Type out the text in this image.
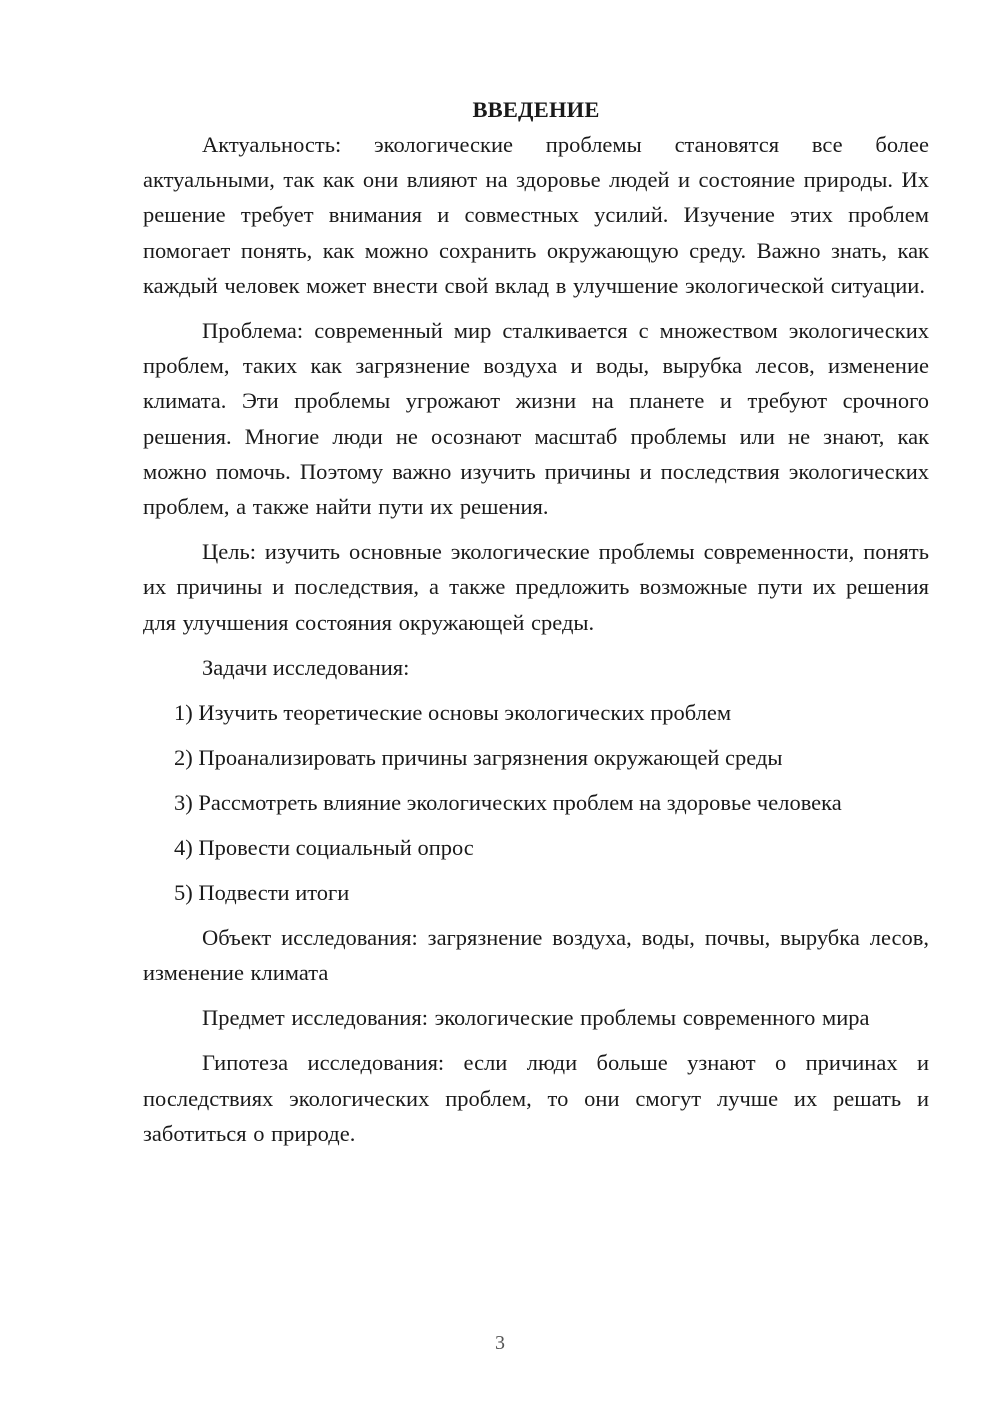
ВВЕДЕНИЕ

Актуальность: экологические проблемы становятся все более актуальными, так как они влияют на здоровье людей и состояние природы. Их решение требует внимания и совместных усилий. Изучение этих проблем помогает понять, как можно сохранить окружающую среду. Важно знать, как каждый человек может внести свой вклад в улучшение экологической ситуации.

Проблема: современный мир сталкивается с множеством экологических проблем, таких как загрязнение воздуха и воды, вырубка лесов, изменение климата. Эти проблемы угрожают жизни на планете и требуют срочного решения. Многие люди не осознают масштаб проблемы или не знают, как можно помочь. Поэтому важно изучить причины и последствия экологических проблем, а также найти пути их решения.

Цель: изучить основные экологические проблемы современности, понять их причины и последствия, а также предложить возможные пути их решения для улучшения состояния окружающей среды.

Задачи исследования:

1) Изучить теоретические основы экологических проблем

2) Проанализировать причины загрязнения окружающей среды

3) Рассмотреть влияние экологических проблем на здоровье человека

4) Провести социальный опрос

5) Подвести итоги

Объект исследования: загрязнение воздуха, воды, почвы, вырубка лесов, изменение климата

Предмет исследования: экологические проблемы современного мира

Гипотеза исследования: если люди больше узнают о причинах и последствиях экологических проблем, то они смогут лучше их решать и заботиться о природе.

3
